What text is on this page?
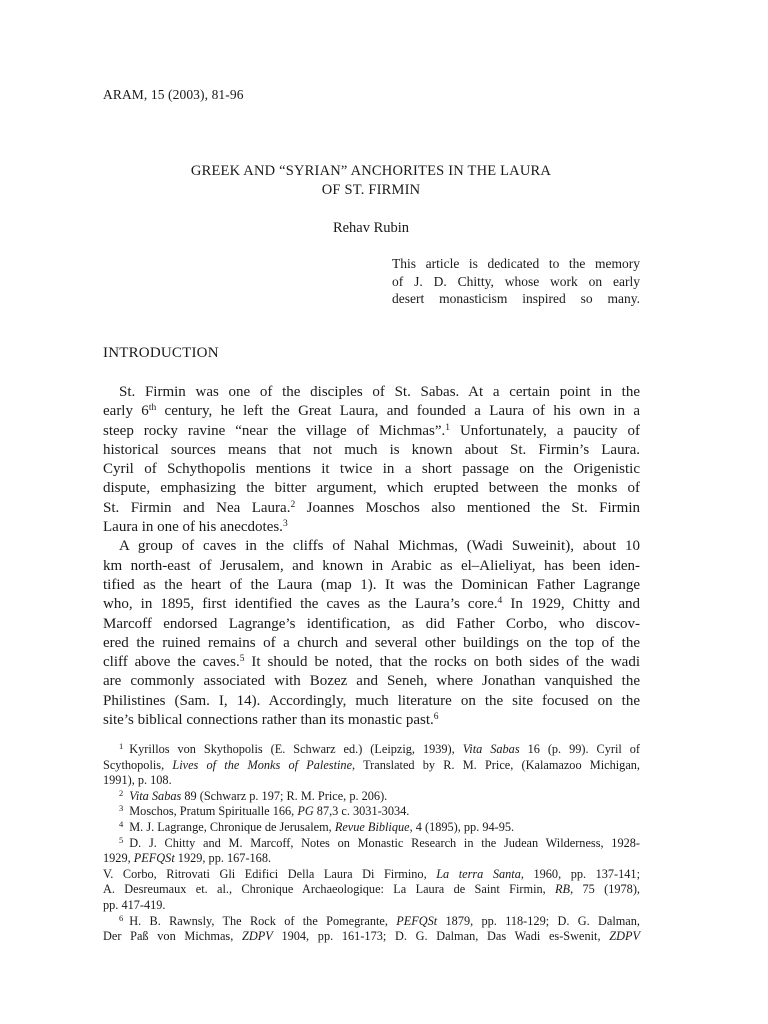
ARAM, 15 (2003), 81-96
GREEK AND “SYRIAN” ANCHORITES IN THE LAURA
OF ST. FIRMIN
Rehav Rubin
This article is dedicated to the memory
of J. D. Chitty, whose work on early
desert monasticism inspired so many.
INTRODUCTION
St. Firmin was one of the disciples of St. Sabas. At a certain point in the
early 6th century, he left the Great Laura, and founded a Laura of his own in a
steep rocky ravine “near the village of Michmas”.$^1$ Unfortunately, a paucity of
historical sources means that not much is known about St. Firmin’s Laura.
Cyril of Schythopolis mentions it twice in a short passage on the Origenistic
dispute, emphasizing the bitter argument, which erupted between the monks of
St. Firmin and Nea Laura.$^2$ Joannes Moschos also mentioned the St. Firmin
Laura in one of his anecdotes.$^3$
A group of caves in the cliffs of Nahal Michmas, (Wadi Suweinit), about 10
km north-east of Jerusalem, and known in Arabic as el–Alieliyat, has been iden-
tified as the heart of the Laura (map 1). It was the Dominican Father Lagrange
who, in 1895, first identified the caves as the Laura’s core.$^4$ In 1929, Chitty and
Marcoff endorsed Lagrange’s identification, as did Father Corbo, who discov-
ered the ruined remains of a church and several other buildings on the top of the
cliff above the caves.$^5$ It should be noted, that the rocks on both sides of the wadi
are commonly associated with Bozez and Seneh, where Jonathan vanquished the
Philistines (Sam. I, 14). Accordingly, much literature on the site focused on the
site’s biblical connections rather than its monastic past.$^6$
$^1$ Kyrillos von Skythopolis (E. Schwarz ed.) (Leipzig, 1939), Vita Sabas 16 (p. 99). Cyril of
Scythopolis, Lives of the Monks of Palestine, Translated by R. M. Price, (Kalamazoo Michigan,
1991), p. 108.
$^2$ Vita Sabas 89 (Schwarz p. 197; R. M. Price, p. 206).
$^3$ Moschos, Pratum Spiritualle 166, PG 87,3 c. 3031-3034.
$^4$ M. J. Lagrange, Chronique de Jerusalem, Revue Biblique, 4 (1895), pp. 94-95.
$^5$ D. J. Chitty and M. Marcoff, Notes on Monastic Research in the Judean Wilderness, 1928-
1929, PEFQSt 1929, pp. 167-168.
V. Corbo, Ritrovati Gli Edifici Della Laura Di Firmino, La terra Santa, 1960, pp. 137-141;
A. Desreumaux et. al., Chronique Archaeologique: La Laura de Saint Firmin, RB, 75 (1978),
pp. 417-419.
$^6$ H. B. Rawnsly, The Rock of the Pomegrante, PEFQSt 1879, pp. 118-129; D. G. Dalman,
Der Paß von Michmas, ZDPV 1904, pp. 161-173; D. G. Dalman, Das Wadi es-Swenit, ZDPV
